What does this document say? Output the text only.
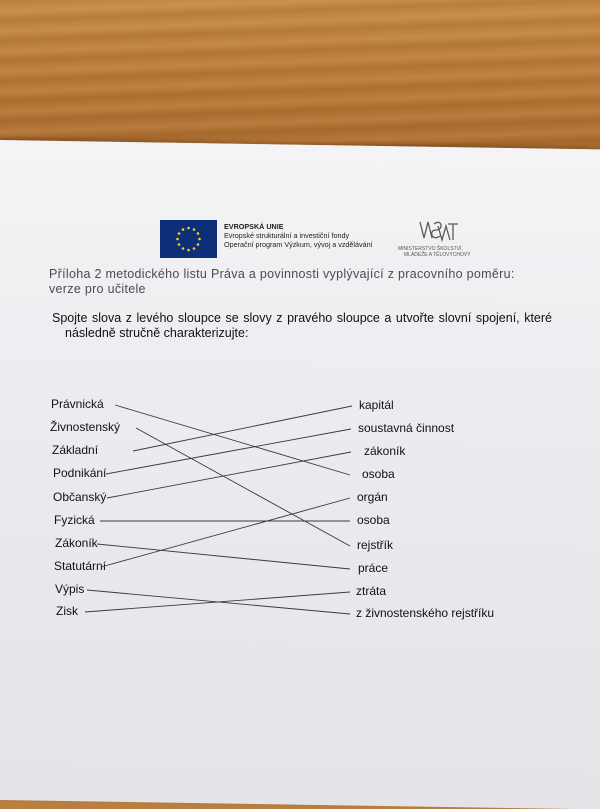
EVROPSKÁ UNIE
Evropské strukturální a investiční fondy
Operační program Výzkum, vývoj a vzdělávání	MINISTERSTVO ŠKOLSTVÍ,
MLÁDEŽE A TĚLOVÝCHOVY
Příloha 2 metodického listu Práva a povinnosti vyplývající z pracovního poměru:
verze pro učitele
Spojte slova z levého sloupce se slovy z pravého sloupce a utvořte slovní spojení, které
následně stručně charakterizujte:
Právnická
Živnostenský
Základní
Podnikání
Občanský
Fyzická
Zákoník
Statutární
Výpis
Zisk
kapitál
soustavná činnost
zákoník
osoba
orgán
osoba
rejstřík
práce
ztráta
z živnostenského rejstříku
